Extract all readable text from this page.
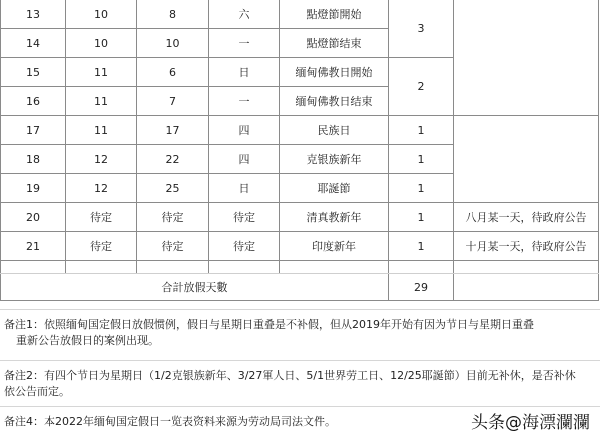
13	10	8	六	點燈節開始	3	
14	10	10	一	點燈節结束		
15	11	6	日	缅甸佛教日開始	2	
16	11	7	一	缅甸佛教日结束		
17	11	17	四	民族日	1	
18	12	22	四	克银族新年	1	
19	12	25	日	耶誕節	1	
20	待定	待定	待定	清真教新年	1	八月某一天，待政府公告
21	待定	待定	待定	印度新年	1	十月某一天，待政府公告

合計放假天數					29	
备注1：依照缅甸国定假日放假惯例，假日与星期日重叠是不补假，但从2019年开始有因为节日与星期日重叠
重新公告放假日的案例出现。
备注2：有四个节日为星期日（1/2克银族新年、3/27軍人日、5/1世界劳工日、12/25耶誕節）目前无补休，是否补休
依公告而定。
备注4：本2022年缅甸国定假日一览表资料来源为劳动局司法文件。	头条@海漂瀾瀾
